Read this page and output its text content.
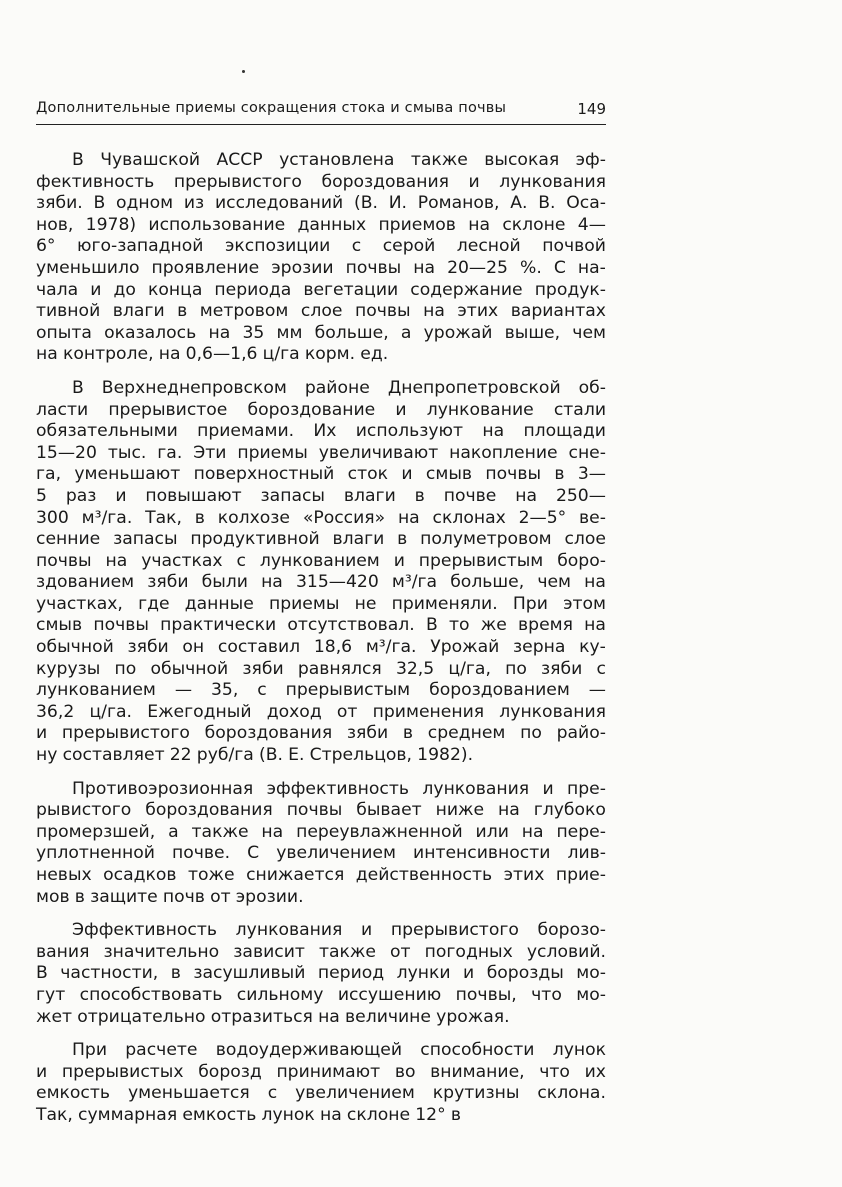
Дополнительные приемы сокращения стока и смыва почвы	149
В Чувашской АССР установлена также высокая эф-
фективность прерывистого бороздования и лункования
зяби. В одном из исследований (В. И. Романов, А. В. Оса-
нов, 1978) использование данных приемов на склоне 4—
6° юго-западной экспозиции с серой лесной почвой
уменьшило проявление эрозии почвы на 20—25 %. С на-
чала и до конца периода вегетации содержание продук-
тивной влаги в метровом слое почвы на этих вариантах
опыта оказалось на 35 мм больше, а урожай выше, чем
на контроле, на 0,6—1,6 ц/га корм. ед.
В Верхнеднепровском районе Днепропетровской об-
ласти прерывистое бороздование и лункование стали
обязательными приемами. Их используют на площади
15—20 тыс. га. Эти приемы увеличивают накопление сне-
га, уменьшают поверхностный сток и смыв почвы в 3—
5 раз и повышают запасы влаги в почве на 250—
300 м³/га. Так, в колхозе «Россия» на склонах 2—5° ве-
сенние запасы продуктивной влаги в полуметровом слое
почвы на участках с лункованием и прерывистым боро-
здованием зяби были на 315—420 м³/га больше, чем на
участках, где данные приемы не применяли. При этом
смыв почвы практически отсутствовал. В то же время на
обычной зяби он составил 18,6 м³/га. Урожай зерна ку-
курузы по обычной зяби равнялся 32,5 ц/га, по зяби с
лункованием — 35, с прерывистым бороздованием —
36,2 ц/га. Ежегодный доход от применения лункования
и прерывистого бороздования зяби в среднем по райо-
ну составляет 22 руб/га (В. Е. Стрельцов, 1982).
Противоэрозионная эффективность лункования и пре-
рывистого бороздования почвы бывает ниже на глубоко
промерзшей, а также на переувлажненной или на пере-
уплотненной почве. С увеличением интенсивности лив-
невых осадков тоже снижается действенность этих прие-
мов в защите почв от эрозии.
Эффективность лункования и прерывистого борозо-
вания значительно зависит также от погодных условий.
В частности, в засушливый период лунки и борозды мо-
гут способствовать сильному иссушению почвы, что мо-
жет отрицательно отразиться на величине урожая.
При расчете водоудерживающей способности лунок
и прерывистых борозд принимают во внимание, что их
емкость уменьшается с увеличением крутизны склона.
Так, суммарная емкость лунок на склоне 12° в
